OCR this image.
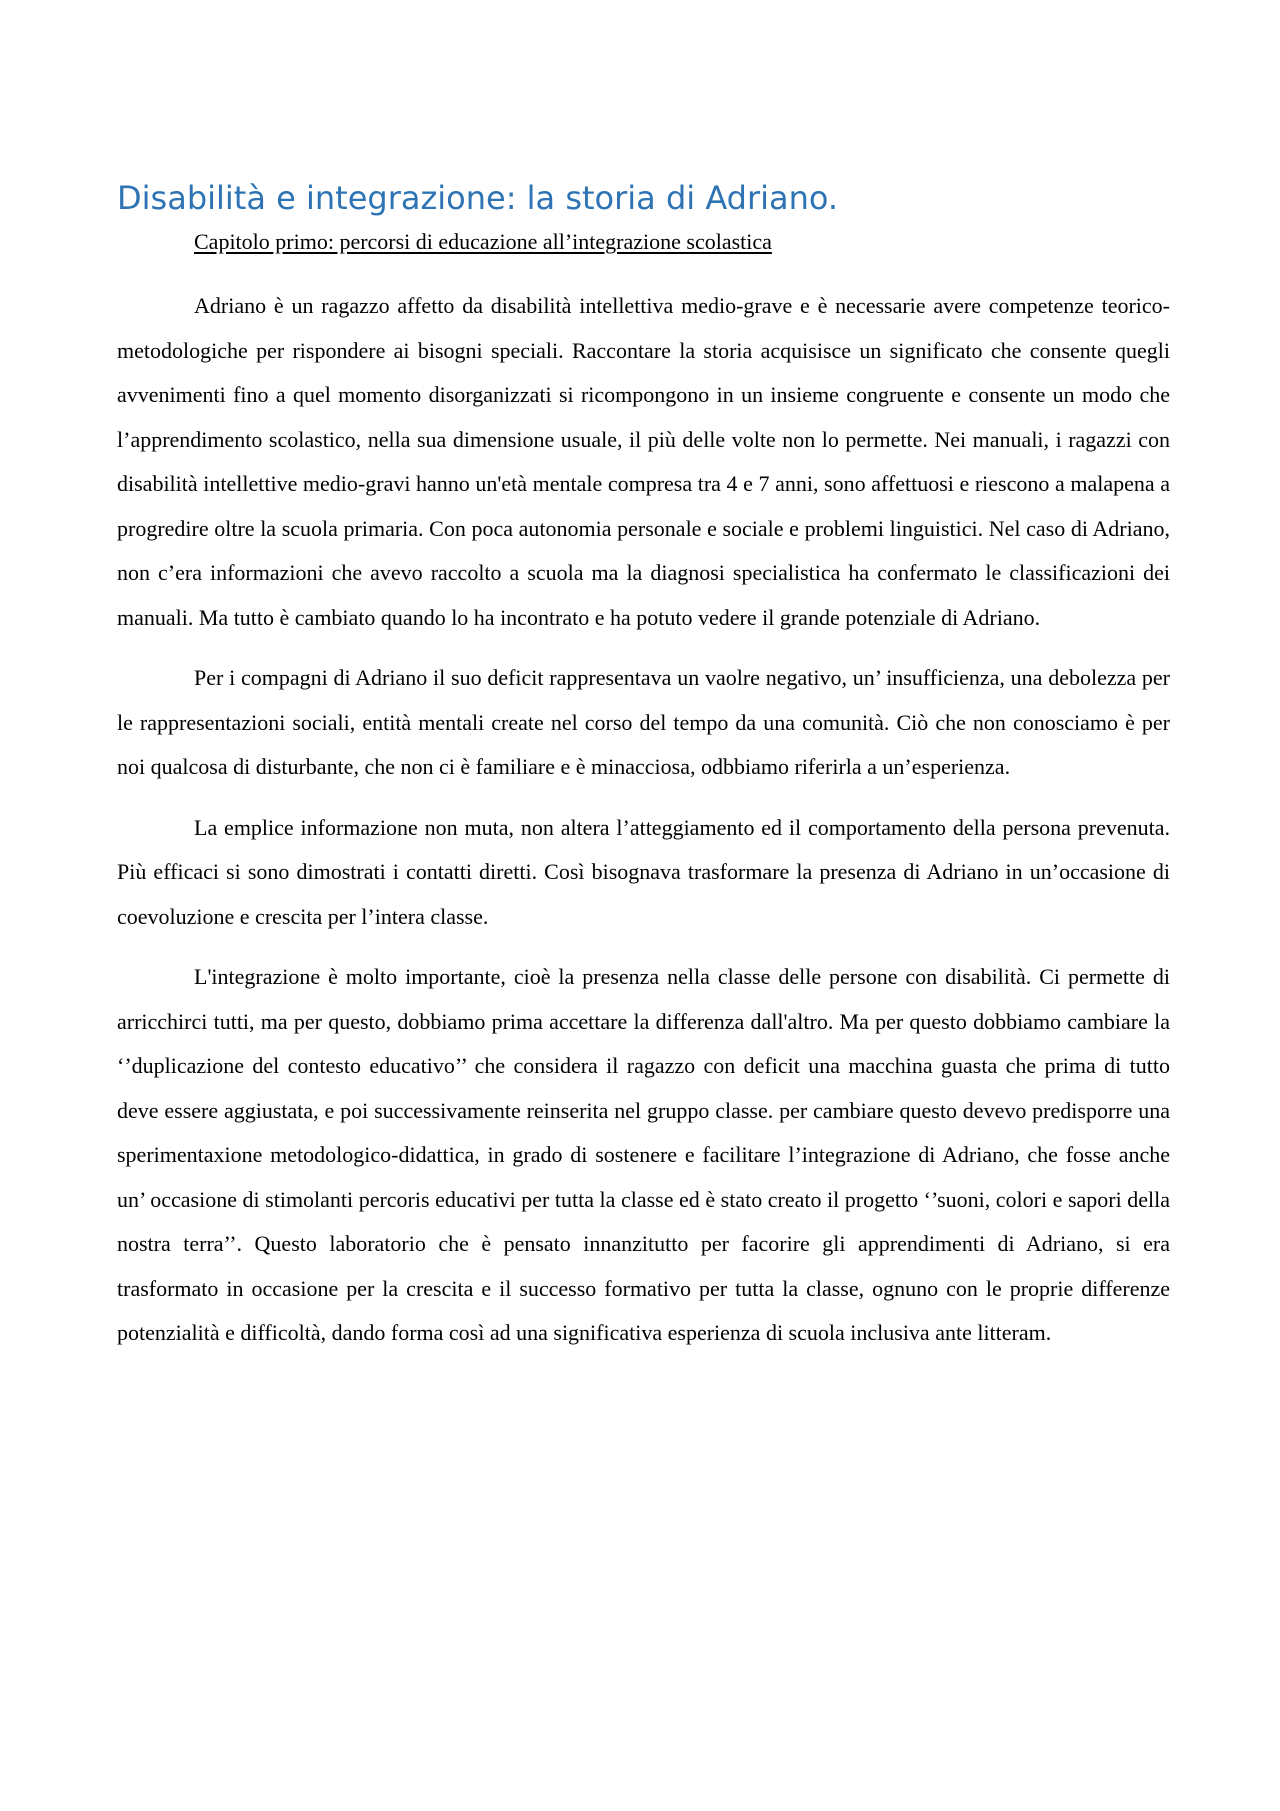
Disabilità e integrazione: la storia di Adriano.

Capitolo primo: percorsi di educazione all’integrazione scolastica

Adriano è un ragazzo affetto da disabilità intellettiva medio-grave e è necessarie avere competenze teorico-metodologiche per rispondere ai bisogni speciali. Raccontare la storia acquisisce un significato che consente quegli avvenimenti fino a quel momento disorganizzati si ricompongono in un insieme congruente e consente un modo che l’apprendimento scolastico, nella sua dimensione usuale, il più delle volte non lo permette. Nei manuali, i ragazzi con disabilità intellettive medio-gravi hanno un'età mentale compresa tra 4 e 7 anni, sono affettuosi e riescono a malapena a progredire oltre la scuola primaria. Con poca autonomia personale e sociale e problemi linguistici. Nel caso di Adriano, non c’era informazioni che avevo raccolto a scuola ma la diagnosi specialistica ha confermato le classificazioni dei manuali. Ma tutto è cambiato quando lo ha incontrato e ha potuto vedere il grande potenziale di Adriano.

Per i compagni di Adriano il suo deficit rappresentava un vaolre negativo, un’ insufficienza, una debolezza per le rappresentazioni sociali, entità mentali create nel corso del tempo da una comunità. Ciò che non conosciamo è per noi qualcosa di disturbante, che non ci è familiare e è minacciosa, odbbiamo riferirla a un’esperienza.

La emplice informazione non muta, non altera l’atteggiamento ed il comportamento della persona prevenuta. Più efficaci si sono dimostrati i contatti diretti. Così bisognava trasformare la presenza di Adriano in un’occasione di coevoluzione e crescita per l’intera classe.

L'integrazione è molto importante, cioè la presenza nella classe delle persone con disabilità. Ci permette di arricchirci tutti, ma per questo, dobbiamo prima accettare la differenza dall'altro. Ma per questo dobbiamo cambiare la ‘’duplicazione del contesto educativo’’ che considera il ragazzo con deficit una macchina guasta che prima di tutto deve essere aggiustata, e poi successivamente reinserita nel gruppo classe. per cambiare questo devevo predisporre una sperimentaxione metodologico-didattica, in grado di sostenere e facilitare l’integrazione di Adriano, che fosse anche un’ occasione di stimolanti percoris educativi per tutta la classe ed è stato creato il progetto ‘’suoni, colori e sapori della nostra terra’’. Questo laboratorio che è pensato innanzitutto per facorire gli apprendimenti di Adriano, si era trasformato in occasione per la crescita e il successo formativo per tutta la classe, ognuno con le proprie differenze potenzialità e difficoltà, dando forma così ad una significativa esperienza di scuola inclusiva ante litteram.
